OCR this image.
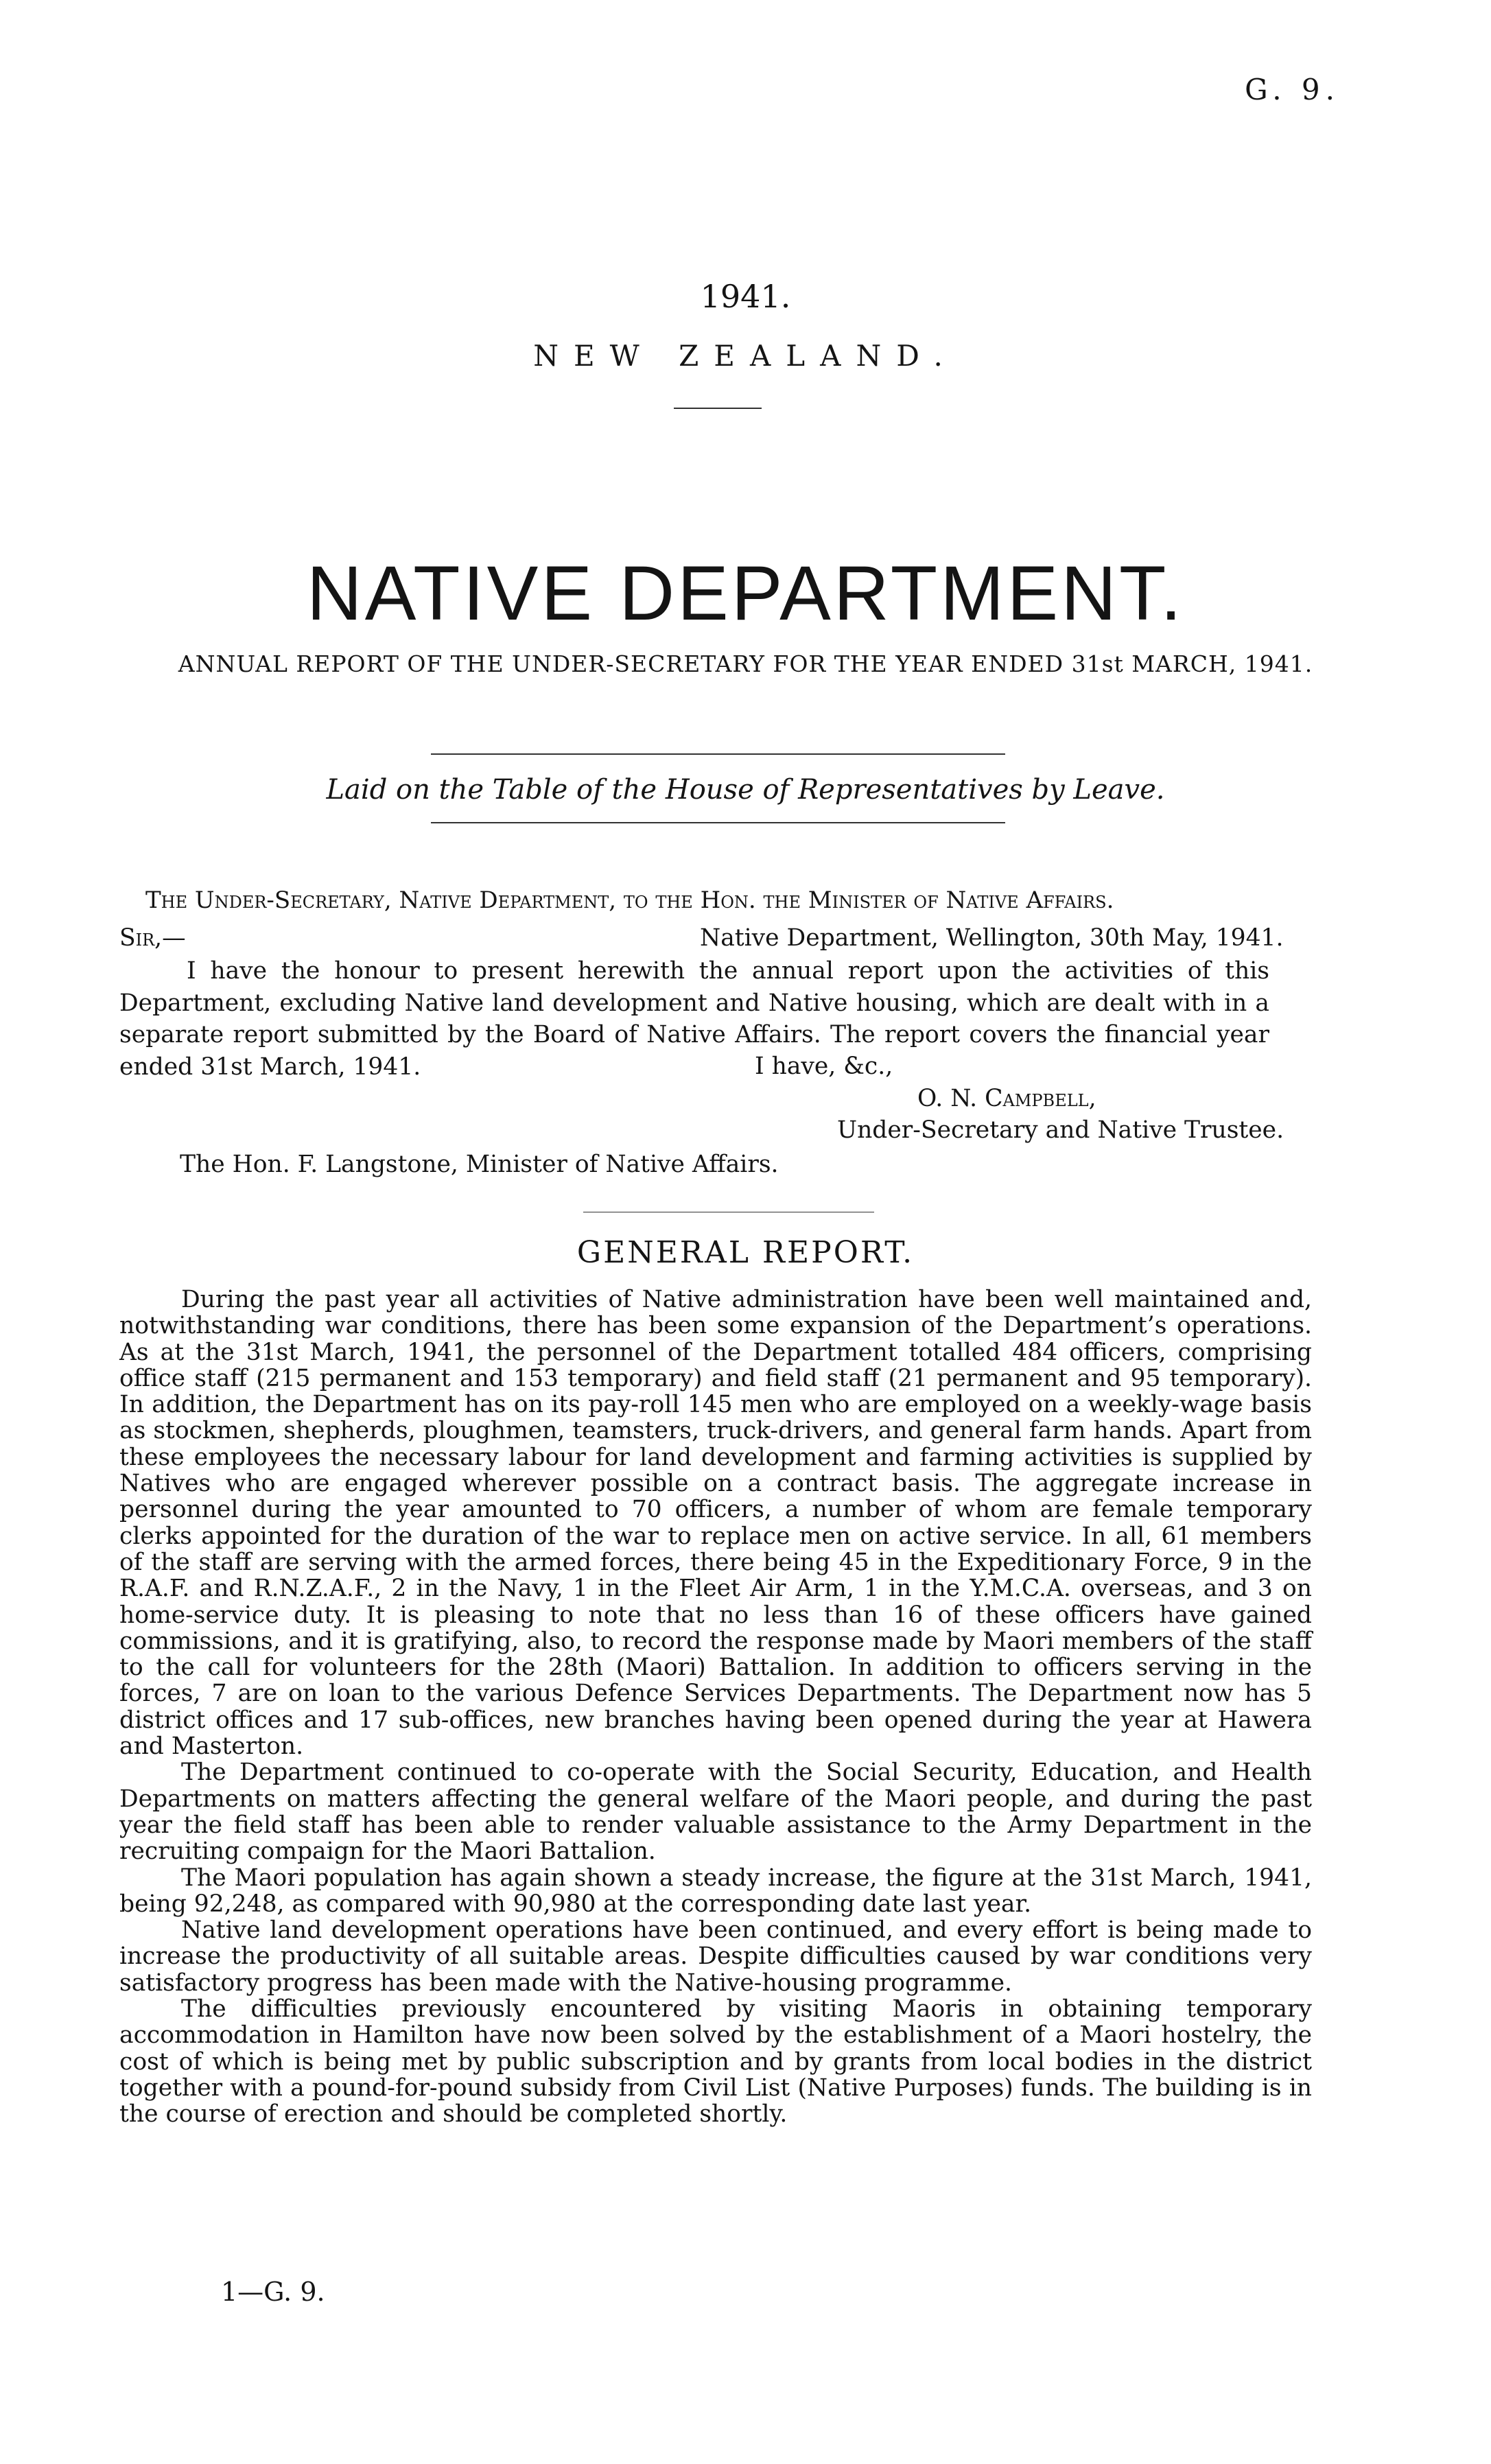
G. 9.
1941.
NEW ZEALAND.
NATIVE DEPARTMENT.
ANNUAL REPORT OF THE UNDER-SECRETARY FOR THE YEAR ENDED 31st MARCH, 1941.
Laid on the Table of the House of Representatives by Leave.
The Under-Secretary, Native Department, to the Hon. the Minister of Native Affairs.
Sir,—	Native Department, Wellington, 30th May, 1941.
I have the honour to present herewith the annual report upon the activities of this Department, excluding Native land development and Native housing, which are dealt with in a separate report submitted by the Board of Native Affairs. The report covers the financial year ended 31st March, 1941.	I have, &c.,
O. N. Campbell,
Under-Secretary and Native Trustee.
The Hon. F. Langstone, Minister of Native Affairs.
GENERAL REPORT.

During the past year all activities of Native administration have been well maintained and, notwithstanding war conditions, there has been some expansion of the Department’s operations. As at the 31st March, 1941, the personnel of the Department totalled 484 officers, comprising office staff (215 permanent and 153 temporary) and field staff (21 permanent and 95 temporary). In addition, the Department has on its pay-roll 145 men who are employed on a weekly-wage basis as stockmen, shepherds, ploughmen, teamsters, truck-drivers, and general farm hands. Apart from these employees the necessary labour for land development and farming activities is supplied by Natives who are engaged wherever possible on a contract basis. The aggregate increase in personnel during the year amounted to 70 officers, a number of whom are female temporary clerks appointed for the duration of the war to replace men on active service. In all, 61 members of the staff are serving with the armed forces, there being 45 in the Expeditionary Force, 9 in the R.A.F. and R.N.Z.A.F., 2 in the Navy, 1 in the Fleet Air Arm, 1 in the Y.M.C.A. overseas, and 3 on home-service duty. It is pleasing to note that no less than 16 of these officers have gained commissions, and it is gratifying, also, to record the response made by Maori members of the staff to the call for volunteers for the 28th (Maori) Battalion. In addition to officers serving in the forces, 7 are on loan to the various Defence Services Departments. The Department now has 5 district offices and 17 sub-offices, new branches having been opened during the year at Hawera and Masterton.

The Department continued to co-operate with the Social Security, Education, and Health Departments on matters affecting the general welfare of the Maori people, and during the past year the field staff has been able to render valuable assistance to the Army Department in the recruiting compaign for the Maori Battalion.

The Maori population has again shown a steady increase, the figure at the 31st March, 1941, being 92,248, as compared with 90,980 at the corresponding date last year.

Native land development operations have been continued, and every effort is being made to increase the productivity of all suitable areas. Despite difficulties caused by war conditions very satisfactory progress has been made with the Native-housing programme.

The difficulties previously encountered by visiting Maoris in obtaining temporary accommodation in Hamilton have now been solved by the establishment of a Maori hostelry, the cost of which is being met by public subscription and by grants from local bodies in the district together with a pound-for-pound subsidy from Civil List (Native Purposes) funds. The building is in the course of erection and should be completed shortly.

1—G. 9.
